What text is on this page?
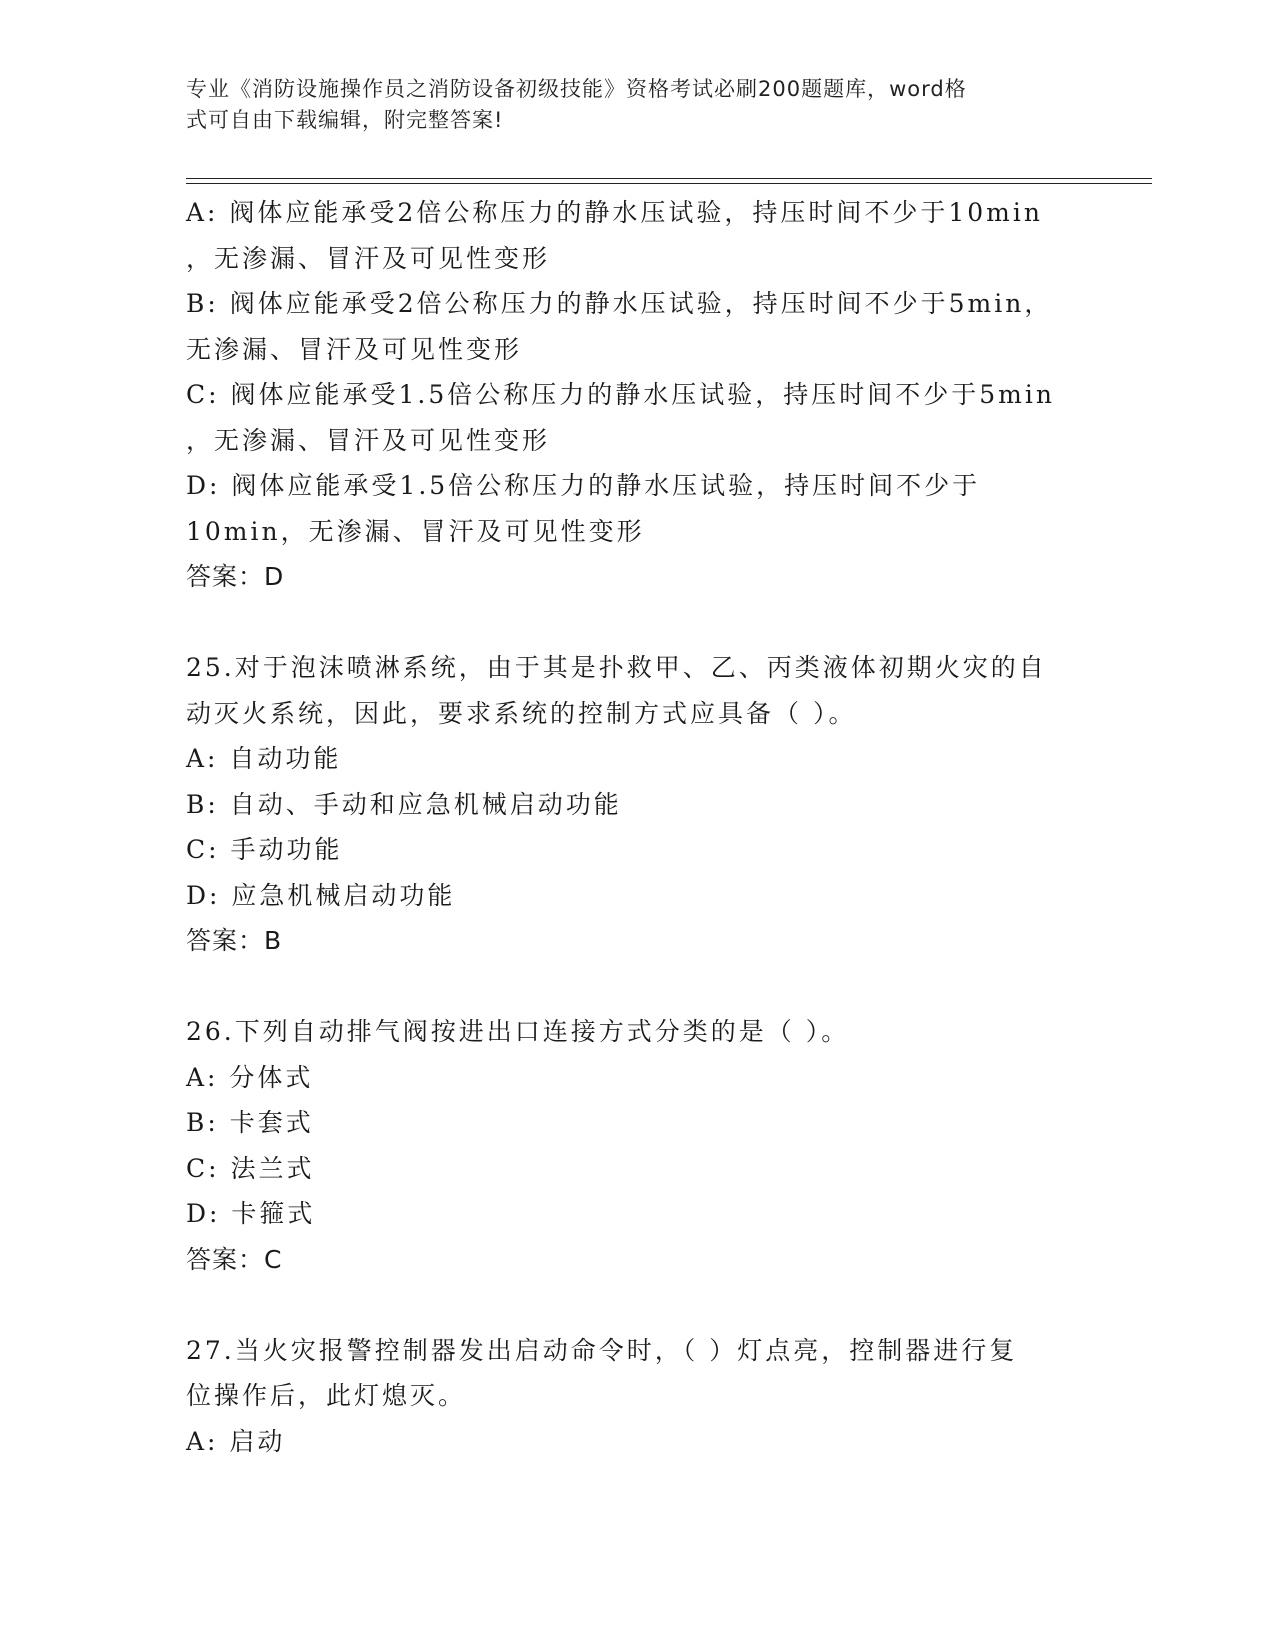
专业《消防设施操作员之消防设备初级技能》资格考试必刷200题题库，word格
式可自由下载编辑，附完整答案!
A: 阀体应能承受2倍公称压力的静水压试验，持压时间不少于10min
，无渗漏、冒汗及可见性变形
B: 阀体应能承受2倍公称压力的静水压试验，持压时间不少于5min，
无渗漏、冒汗及可见性变形
C: 阀体应能承受1.5倍公称压力的静水压试验，持压时间不少于5min
，无渗漏、冒汗及可见性变形
D: 阀体应能承受1.5倍公称压力的静水压试验，持压时间不少于
10min，无渗漏、冒汗及可见性变形
答案：D
25.对于泡沫喷淋系统，由于其是扑救甲、乙、丙类液体初期火灾的自
动灭火系统，因此，要求系统的控制方式应具备（ ）。
A: 自动功能
B: 自动、手动和应急机械启动功能
C: 手动功能
D: 应急机械启动功能
答案：B
26.下列自动排气阀按进出口连接方式分类的是（ ）。
A: 分体式
B: 卡套式
C: 法兰式
D: 卡箍式
答案：C
27.当火灾报警控制器发出启动命令时，（ ）灯点亮，控制器进行复
位操作后，此灯熄灭。
A: 启动
